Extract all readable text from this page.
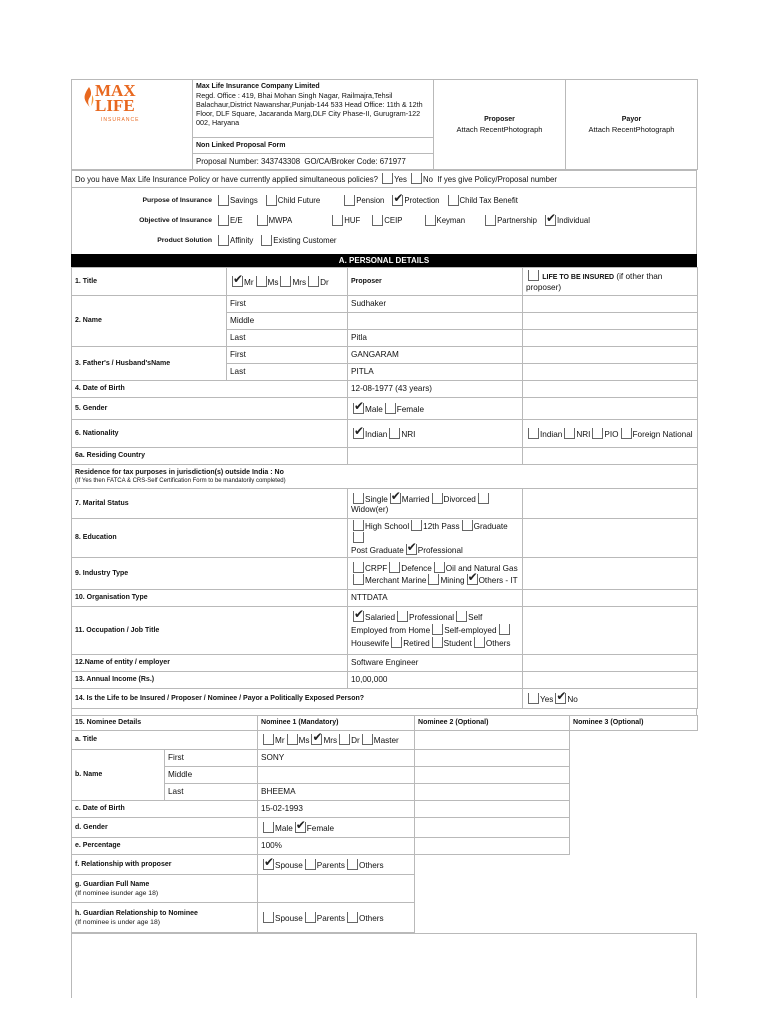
MAX
LIFE
INSURANCE

Max Life Insurance Company Limited
Regd. Office : 419, Bhai Mohan Singh Nagar, Railmajra,Tehsil Balachaur,District Nawanshar,Punjab-144 533 Head Office: 11th & 12th Floor, DLF Square, Jacaranda Marg,DLF City Phase-II, Gurugram-122 002, Haryana	Proposer
Attach RecentPhotograph

Payor
Attach RecentPhotograph

Non Linked Proposal Form
Proposal Number: 343743308 GO/CA/Broker Code: 671977
Do you have Max Life Insurance Policy or have currently applied simultaneous policies? Yes No If yes give Policy/Proposal number
Purpose of Insurance	Savings	Child Future	Pension ✔	Protection	Child Tax Benefit
Objective of Insurance	E/E	MWPA	HUF	CEIP	Keyman	Partnership ✔	Individual
Product Solution	Affinity	Existing Customer
A. PERSONAL DETAILS
1. Title	✔Mr Ms Mrs Dr	Proposer	LIFE TO BE INSURED (if other than proposer)
2. Name	First	Sudhaker	
	Middle		
	Last	Pitla	
3. Father's / Husband'sName	First	GANGARAM	
	Last	PITLA	
4. Date of Birth		12-08-1977 (43 years)	
5. Gender	✔Male Female	
6. Nationality	✔Indian NRI	Indian NRI PIO Foreign National
6a. Residing Country			

Residence for tax purposes in jurisdiction(s) outside India : No
(If Yes then FATCA & CRS-Self Certification Form to be mandatorily completed)			

7. Marital Status		Single ✔ Married Divorced
Widow(er)	
8. Education		High School 12th Pass Graduate
Post Graduate ✔ Professional	
9. Industry Type		CRPF Defence Oil and Natural Gas
Merchant Marine Mining ✔ Others - IT	
10. Organisation Type		NTTDATA	
11. Occupation / Job Title	✔Salaried Professional Self Employed from Home Self-employedHousewife Retired Student Others	
12.Name of entity / employer		Software Engineer	
13. Annual Income (Rs.)		10,00,000	
14. Is the Life to be Insured / Proposer / Nominee / Payor a Politically Exposed Person?			Yes ✔ No
15. Nominee Details		Nominee 1 (Mandatory)	Nominee 2 (Optional)	Nominee 3 (Optional)
a. Title		Mr Ms ✔ Mrs Dr Master		
b. Name	First	SONY		
	Middle			
	Last	BHEEMA		
c. Date of Birth		15-02-1993		
d. Gender		Male ✔ Female		
e. Percentage		100%		
f. Relationship with proposer	✔Spouse Parents Others		

g. Guardian Full Name
(If nominee isunder age 18)				

h. Guardian Relationship to Nominee
(If nominee is under age 18)		Spouse Parents Others		
